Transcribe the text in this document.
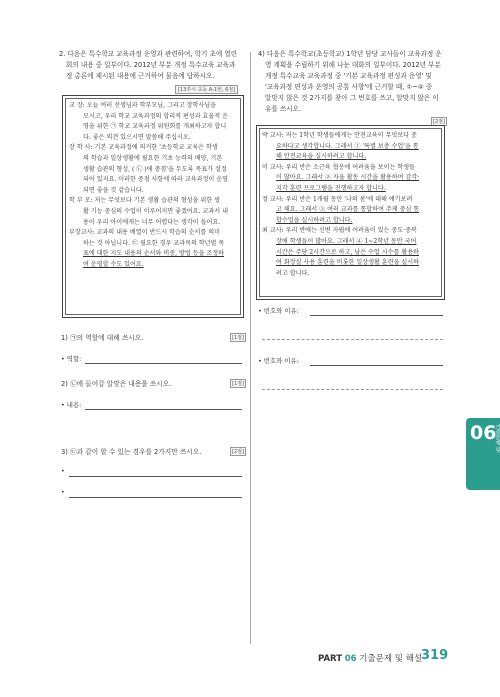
2. 다음은 특수학교 교육과정 운영과 관련하여, 학기 초에 열린
회의 내용 중 일부이다. 2012년 부분 개정 특수교육 교육과
정 총론에 제시된 내용에 근거하여 물음에 답하시오.
[13추시 초등 A-1번, 6점]

교 장: 오늘 여러 선생님과 학부모님, 그리고 장학사님을

모시고, 우리 학교 교육과정의 합리적 편성과 효율적 운

영을 위한 ㉠ 학교 교육과정 위원회를 개최하고자 합니

다. 좋은 의견 있으시면 말씀해 주십시오.

장 학 사: 기본 교육과정에 의거한 '초등학교 교육은 학생

의 학습과 일상생활에 필요한 기초 능력의 배양, 기본

생활 습관의 형성, ( ㉡ )에 중점'을 두도록 목표가 설정

되어 있지요. 이러한 중점 사항에 따라 교육과정이 운영

되면 좋을 것 같습니다.

학 부 모: 저는 무엇보다 기본 생활 습관의 형성을 위한 생

활 기능 중심의 수업이 이루어지면 좋겠어요. 교과서 내

용이 우리 아이에게는 너무 어렵다는 생각이 들어요.

부장교사: 교과의 내용 배열이 반드시 학습의 순서를 의미

하는 것 아닙니다. ㉢ 필요한 경우 교과목의 학년별 목

표에 대한 지도 내용의 순서와 비중, 방법 등을 조정하

여 운영할 수도 있어요.

1) ㉠의 역할에 대해 쓰시오.	[1점]
• 역할:
2) ㉡에 들어갈 알맞은 내용을 쓰시오.	[1점]
• 내용:
3) ㉢과 같이 할 수 있는 경우를 2가지만 쓰시오.	[2점]
•
•
4) 다음은 특수학교(초등학교) 1학년 담당 교사들이 교육과정 운
영 계획을 수립하기 위해 나눈 대화의 일부이다. 2012년 부분
개정 특수교육 교육과정 중 '기본 교육과정 편성과 운영' 및
'교육과정 편성과 운영의 공통 사항'에 근거할 때, ①~④ 중
알맞지 않은 것 2가지를 찾아 그 번호를 쓰고, 알맞지 않은 이
유를 쓰시오.
[2점]

박 교사: 저는 1학년 학생들에게는 안전교육이 무엇보다 중

요하다고 생각합니다. 그래서 ① '특별 보충 수업'을 통

해 안전교육을 실시하려고 합니다.

이 교사: 우리 반은 소근육 협응에 어려움을 보이는 학생들

이 많아요. 그래서 ② 자율 활동 시간을 활용하여 감각·

지각 훈련 프로그램을 진행하고자 합니다.

정 교사: 우리 반은 1개월 동안 '나의 봄'에 대해 얘기보려

고 해요. 그래서 ③ 여러 교과를 통합하여 주제 중심 통

합수업을 실시하려고 합니다.

최 교사: 우리 반에는 신변 자립에 어려움이 있는 중도·중복

장애 학생들이 많아요. 그래서 ④ 1~2학년 동안 국어

시간은 주당 2시간으로 하고, 남은 수업 시수를 활용하

여 화장실 사용 훈련을 비롯한 일상생활 훈련을 실시하

려고 합니다.

• 번호와 이유:
• 번호와 이유:
06
기출문제 및
PART 06 기출문제 및 해설
319
